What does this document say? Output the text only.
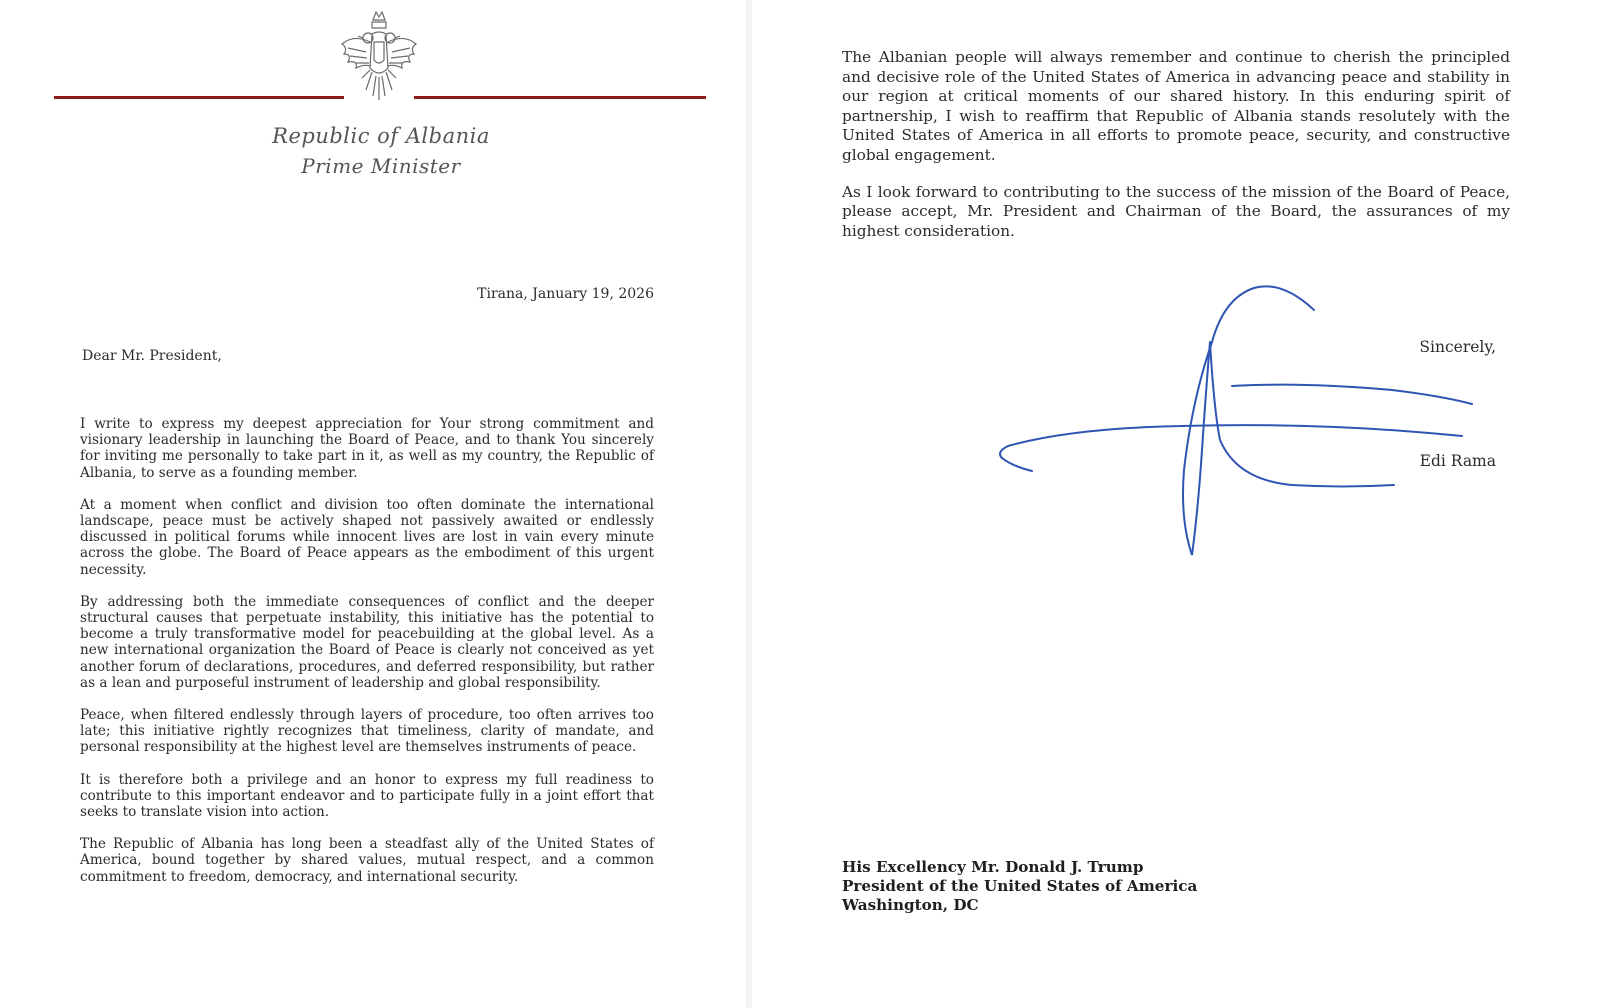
Republic of Albania
Prime Minister
Tirana, January 19, 2026
Dear Mr. President,

I write to express my deepest appreciation for Your strong commitment and visionary leadership in launching the Board of Peace, and to thank You sincerely for inviting me personally to take part in it, as well as my country, the Republic of Albania, to serve as a founding member.

At a moment when conflict and division too often dominate the international landscape, peace must be actively shaped not passively awaited or endlessly discussed in political forums while innocent lives are lost in vain every minute across the globe. The Board of Peace appears as the embodiment of this urgent necessity.

By addressing both the immediate consequences of conflict and the deeper structural causes that perpetuate instability, this initiative has the potential to become a truly transformative model for peacebuilding at the global level. As a new international organization the Board of Peace is clearly not conceived as yet another forum of declarations, procedures, and deferred responsibility, but rather as a lean and purposeful instrument of leadership and global responsibility.

Peace, when filtered endlessly through layers of procedure, too often arrives too late; this initiative rightly recognizes that timeliness, clarity of mandate, and personal responsibility at the highest level are themselves instruments of peace.

It is therefore both a privilege and an honor to express my full readiness to contribute to this important endeavor and to participate fully in a joint effort that seeks to translate vision into action.

The Republic of Albania has long been a steadfast ally of the United States of America, bound together by shared values, mutual respect, and a common commitment to freedom, democracy, and international security.

The Albanian people will always remember and continue to cherish the principled and decisive role of the United States of America in advancing peace and stability in our region at critical moments of our shared history. In this enduring spirit of partnership, I wish to reaffirm that Republic of Albania stands resolutely with the United States of America in all efforts to promote peace, security, and constructive global engagement.

As I look forward to contributing to the success of the mission of the Board of Peace, please accept, Mr. President and Chairman of the Board, the assurances of my highest consideration.

Sincerely,
Edi Rama
His Excellency Mr. Donald J. Trump
President of the United States of America
Washington, DC
